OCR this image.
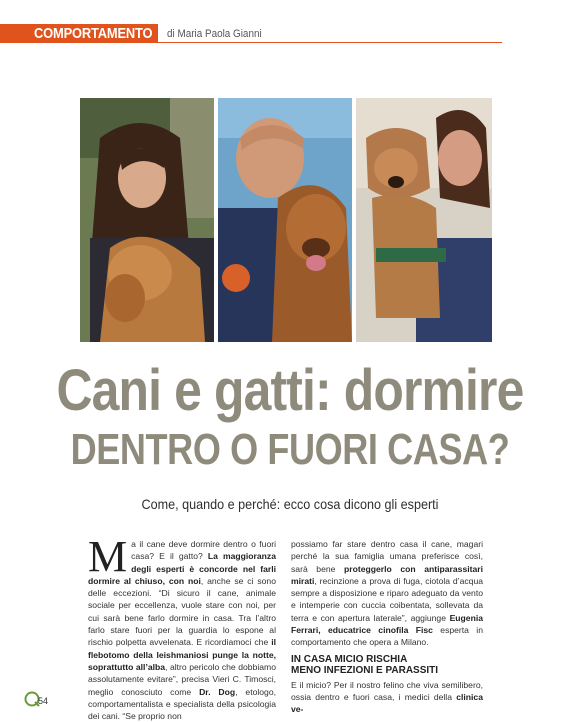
COMPORTAMENTO di Maria Paola Gianni
Cani e gatti: dormire
DENTRO O FUORI CASA?
Come, quando e perché: ecco cosa dicono gli esperti
Ma il cane deve dormire dentro o fuori casa? E il gatto? La maggioranza degli esperti è concorde nel farli dormire al chiuso, con noi, anche se ci sono delle eccezioni. “Di sicuro il cane, animale sociale per eccellenza, vuole stare con noi, per cui sarà bene farlo dormire in casa. Tra l’altro farlo stare fuori per la guardia lo espone al rischio polpetta avvelenata. E ricordiamoci che il flebotomo della leishmaniosi punge la notte, soprattutto all’alba, altro pericolo che dobbiamo assolutamente evitare”, precisa Vieri C. Timosci, meglio conosciuto come Dr. Dog, etologo, comportamentalista e specialista della psicologia dei cani. “Se proprio non
possiamo far stare dentro casa il cane, magari perché la sua famiglia umana preferisce così, sarà bene proteggerlo con antiparassitari mirati, recinzione a prova di fuga, ciotola d’acqua sempre a disposizione e riparo adeguato da vento e intemperie con cuccia coibentata, sollevata da terra e con apertura laterale”, aggiunge Eugenia Ferrari, educatrice cinofila Fisc esperta in comportamento che opera a Milano.
IN CASA MICIO RISCHIA
MENO INFEZIONI E PARASSITI
E il micio? Per il nostro felino che viva semilibero, ossia dentro e fuori casa, i medici della clinica ve-
54
